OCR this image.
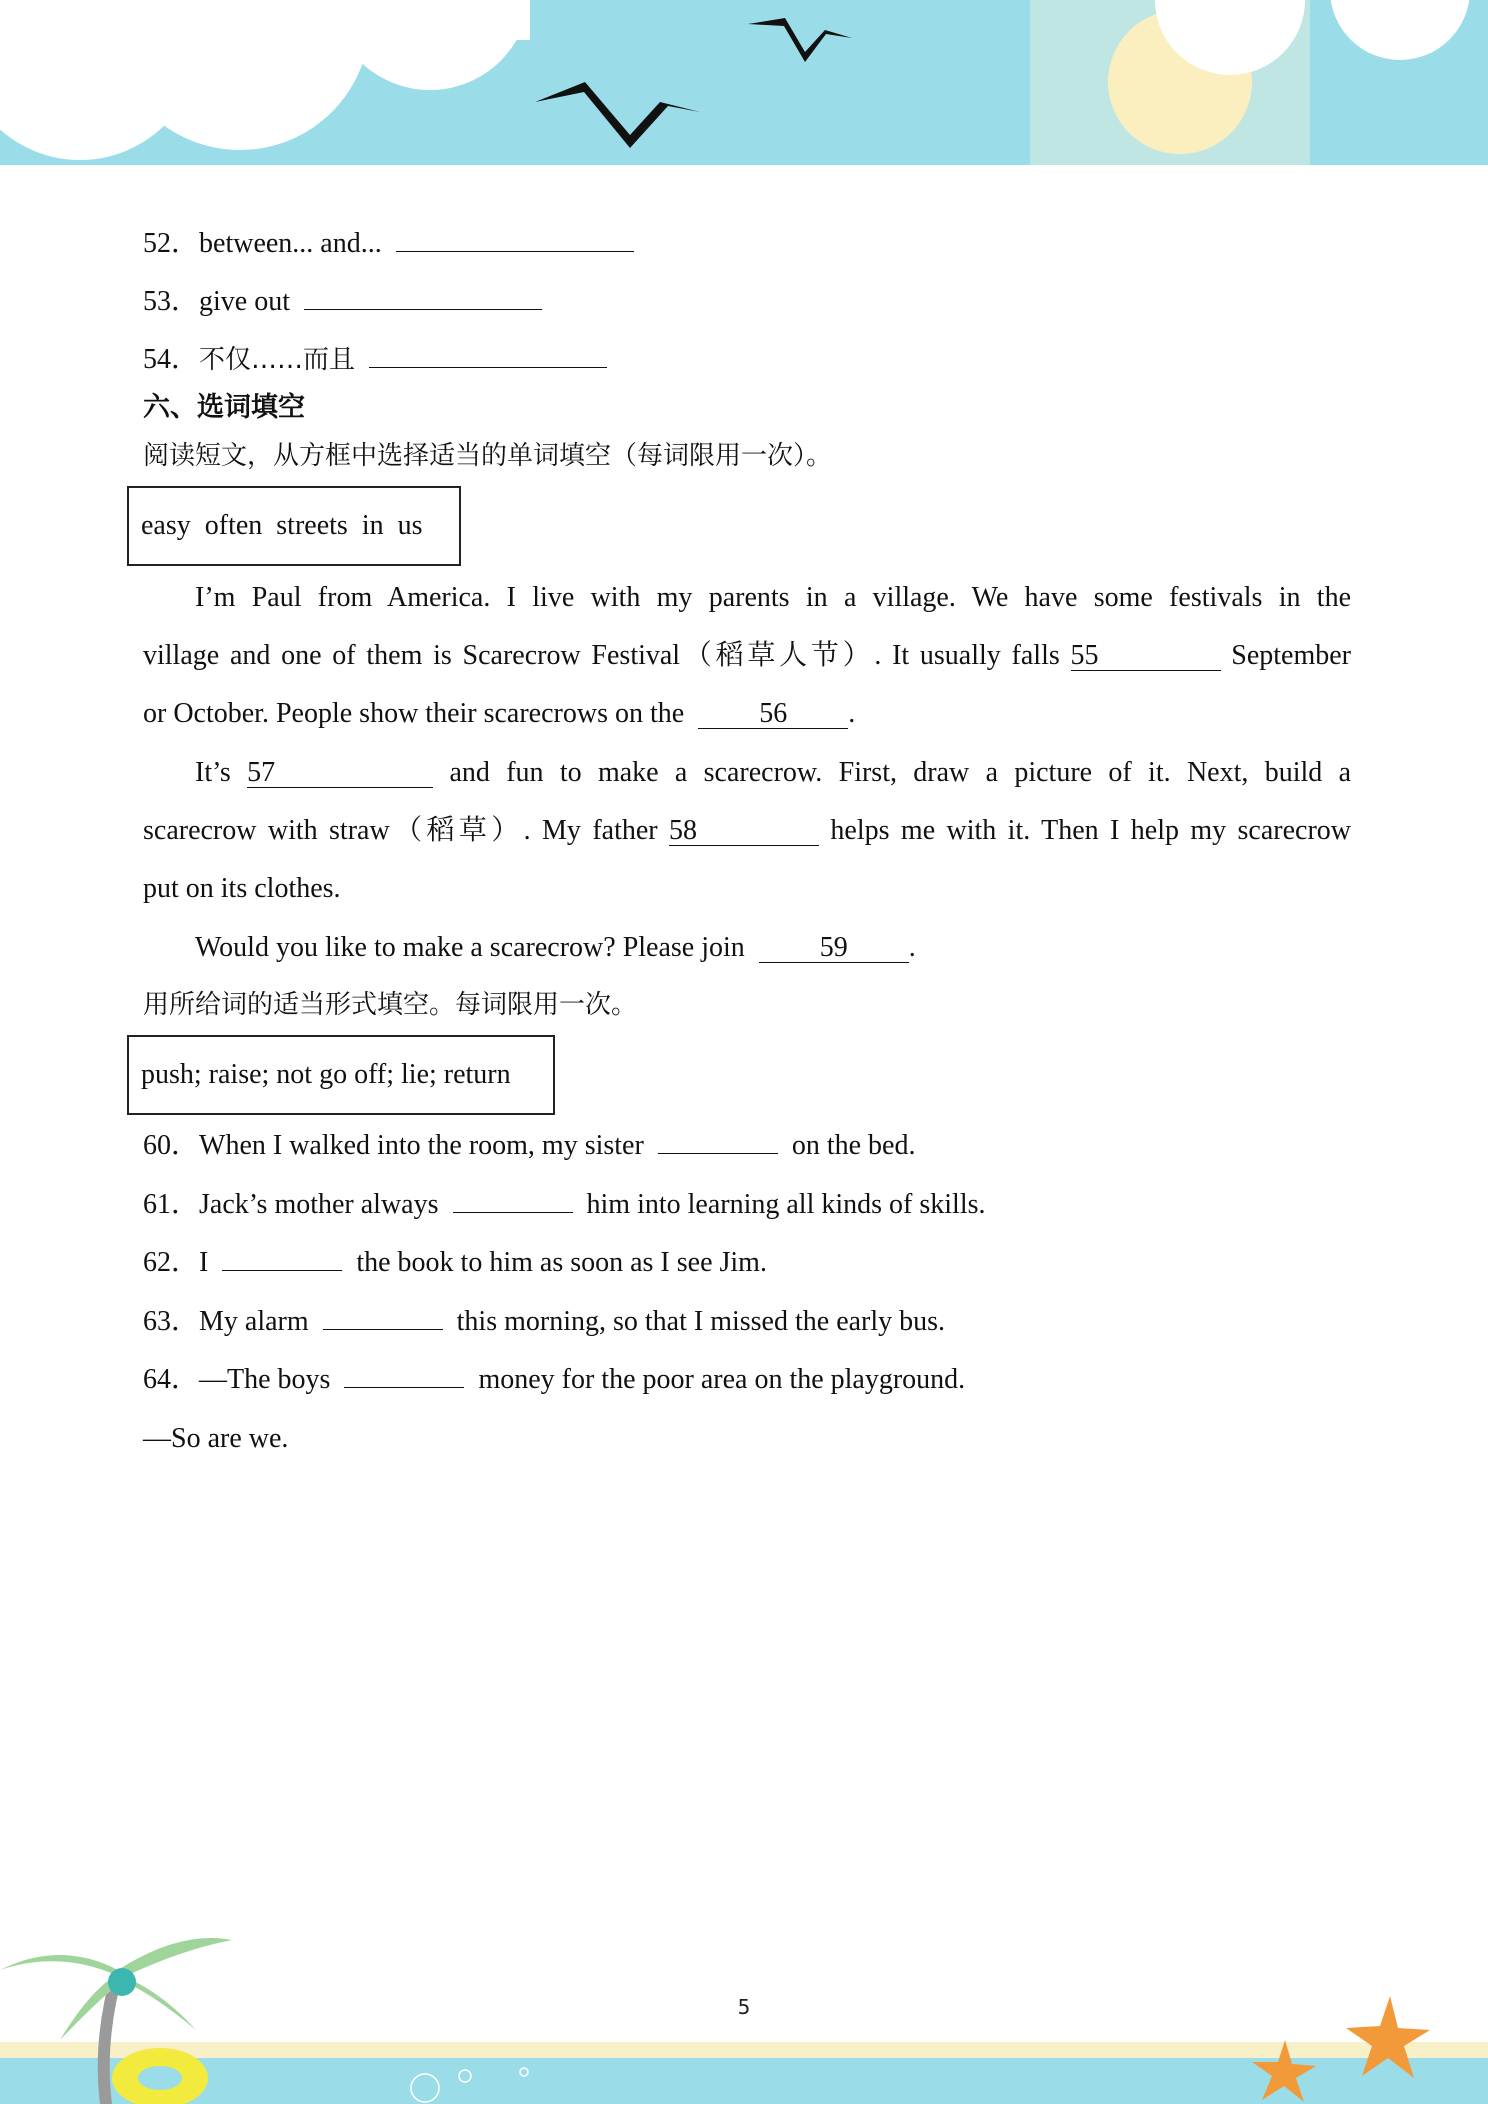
52．between... and...
53．give out
54．不仅……而且
六、选词填空
阅读短文，从方框中选择适当的单词填空（每词限用一次）。
easy  often  streets  in  us
I’m Paul from America. I live with my parents in a village. We have some festivals in the
village and one of them is Scarecrow Festival（稻草人节）. It usually falls 55	September
or October. People show their scarecrows on the	56 .
It’s 57	and fun to make a scarecrow. First, draw a picture of it. Next, build a
scarecrow with straw（稻草）. My father 58	helps me with it. Then I help my scarecrow
put on its clothes.
Would you like to make a scarecrow? Please join	59 .
用所给词的适当形式填空。每词限用一次。
push; raise; not go off; lie; return
60．When I walked into the room, my sister	on the bed.
61．Jack’s mother always	him into learning all kinds of skills.
62．I	the book to him as soon as I see Jim.
63．My alarm	this morning, so that I missed the early bus.
64．—The boys	money for the poor area on the playground.
—So are we.
5
